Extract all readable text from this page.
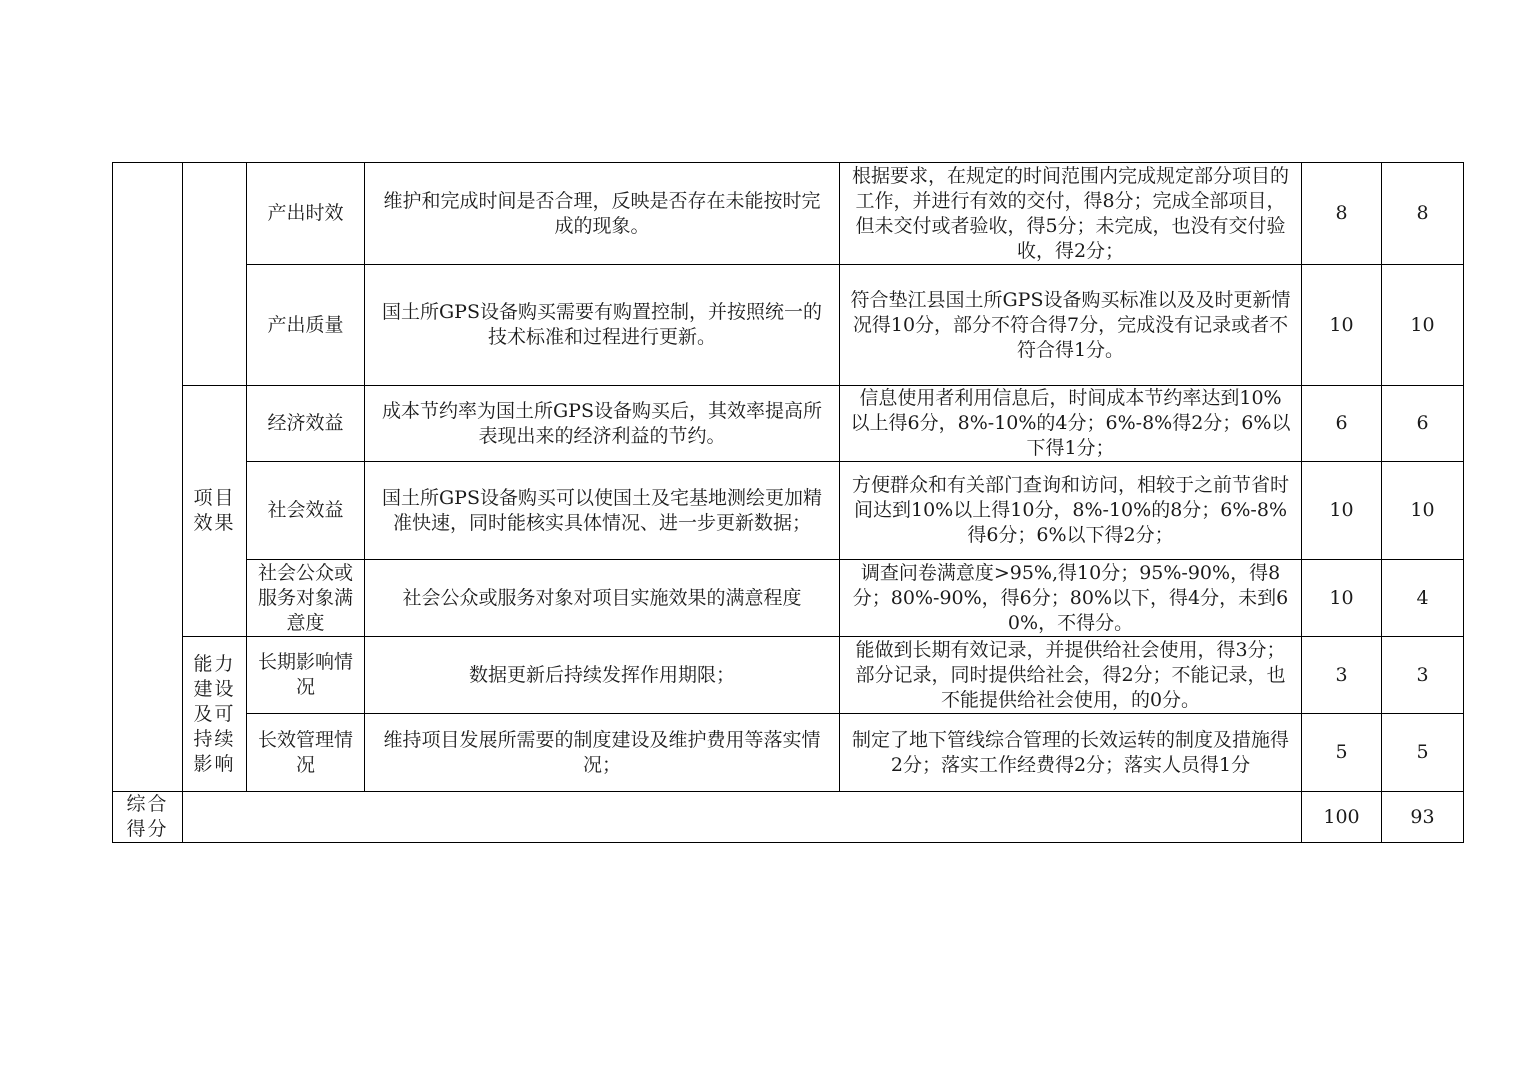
		产出时效	维护和完成时间是否合理，反映是否存在未能按时完成的现象。	根据要求，在规定的时间范围内完成规定部分项目的工作，并进行有效的交付，得8分；完成全部项目，但未交付或者验收，得5分；未完成，也没有交付验收，得2分；	8	8
		产出质量	国土所GPS设备购买需要有购置控制，并按照统一的技术标准和过程进行更新。	符合垫江县国土所GPS设备购买标准以及及时更新情况得10分，部分不符合得7分，完成没有记录或者不符合得1分。	10	10
	项目效果	经济效益	成本节约率为国土所GPS设备购买后，其效率提高所表现出来的经济利益的节约。	信息使用者利用信息后，时间成本节约率达到10%以上得6分，8%-10%的4分；6%-8%得2分；6%以下得1分；	6	6
		社会效益	国土所GPS设备购买可以使国土及宅基地测绘更加精准快速，同时能核实具体情况、进一步更新数据；	方便群众和有关部门查询和访问，相较于之前节省时间达到10%以上得10分，8%-10%的8分；6%-8%得6分；6%以下得2分；	10	10
		社会公众或服务对象满意度	社会公众或服务对象对项目实施效果的满意程度	调查问卷满意度>95%,得10分；95%-90%，得8分；80%-90%，得6分；80%以下，得4分，未到60%，不得分。	10	4
	能力建设及可持续影响	长期影响情况	数据更新后持续发挥作用期限；	能做到长期有效记录，并提供给社会使用，得3分；部分记录，同时提供给社会，得2分；不能记录，也不能提供给社会使用，的0分。	3	3
		长效管理情况	维持项目发展所需要的制度建设及维护费用等落实情况；	制定了地下管线综合管理的长效运转的制度及措施得2分；落实工作经费得2分；落实人员得1分	5	5
综合得分					100	93
